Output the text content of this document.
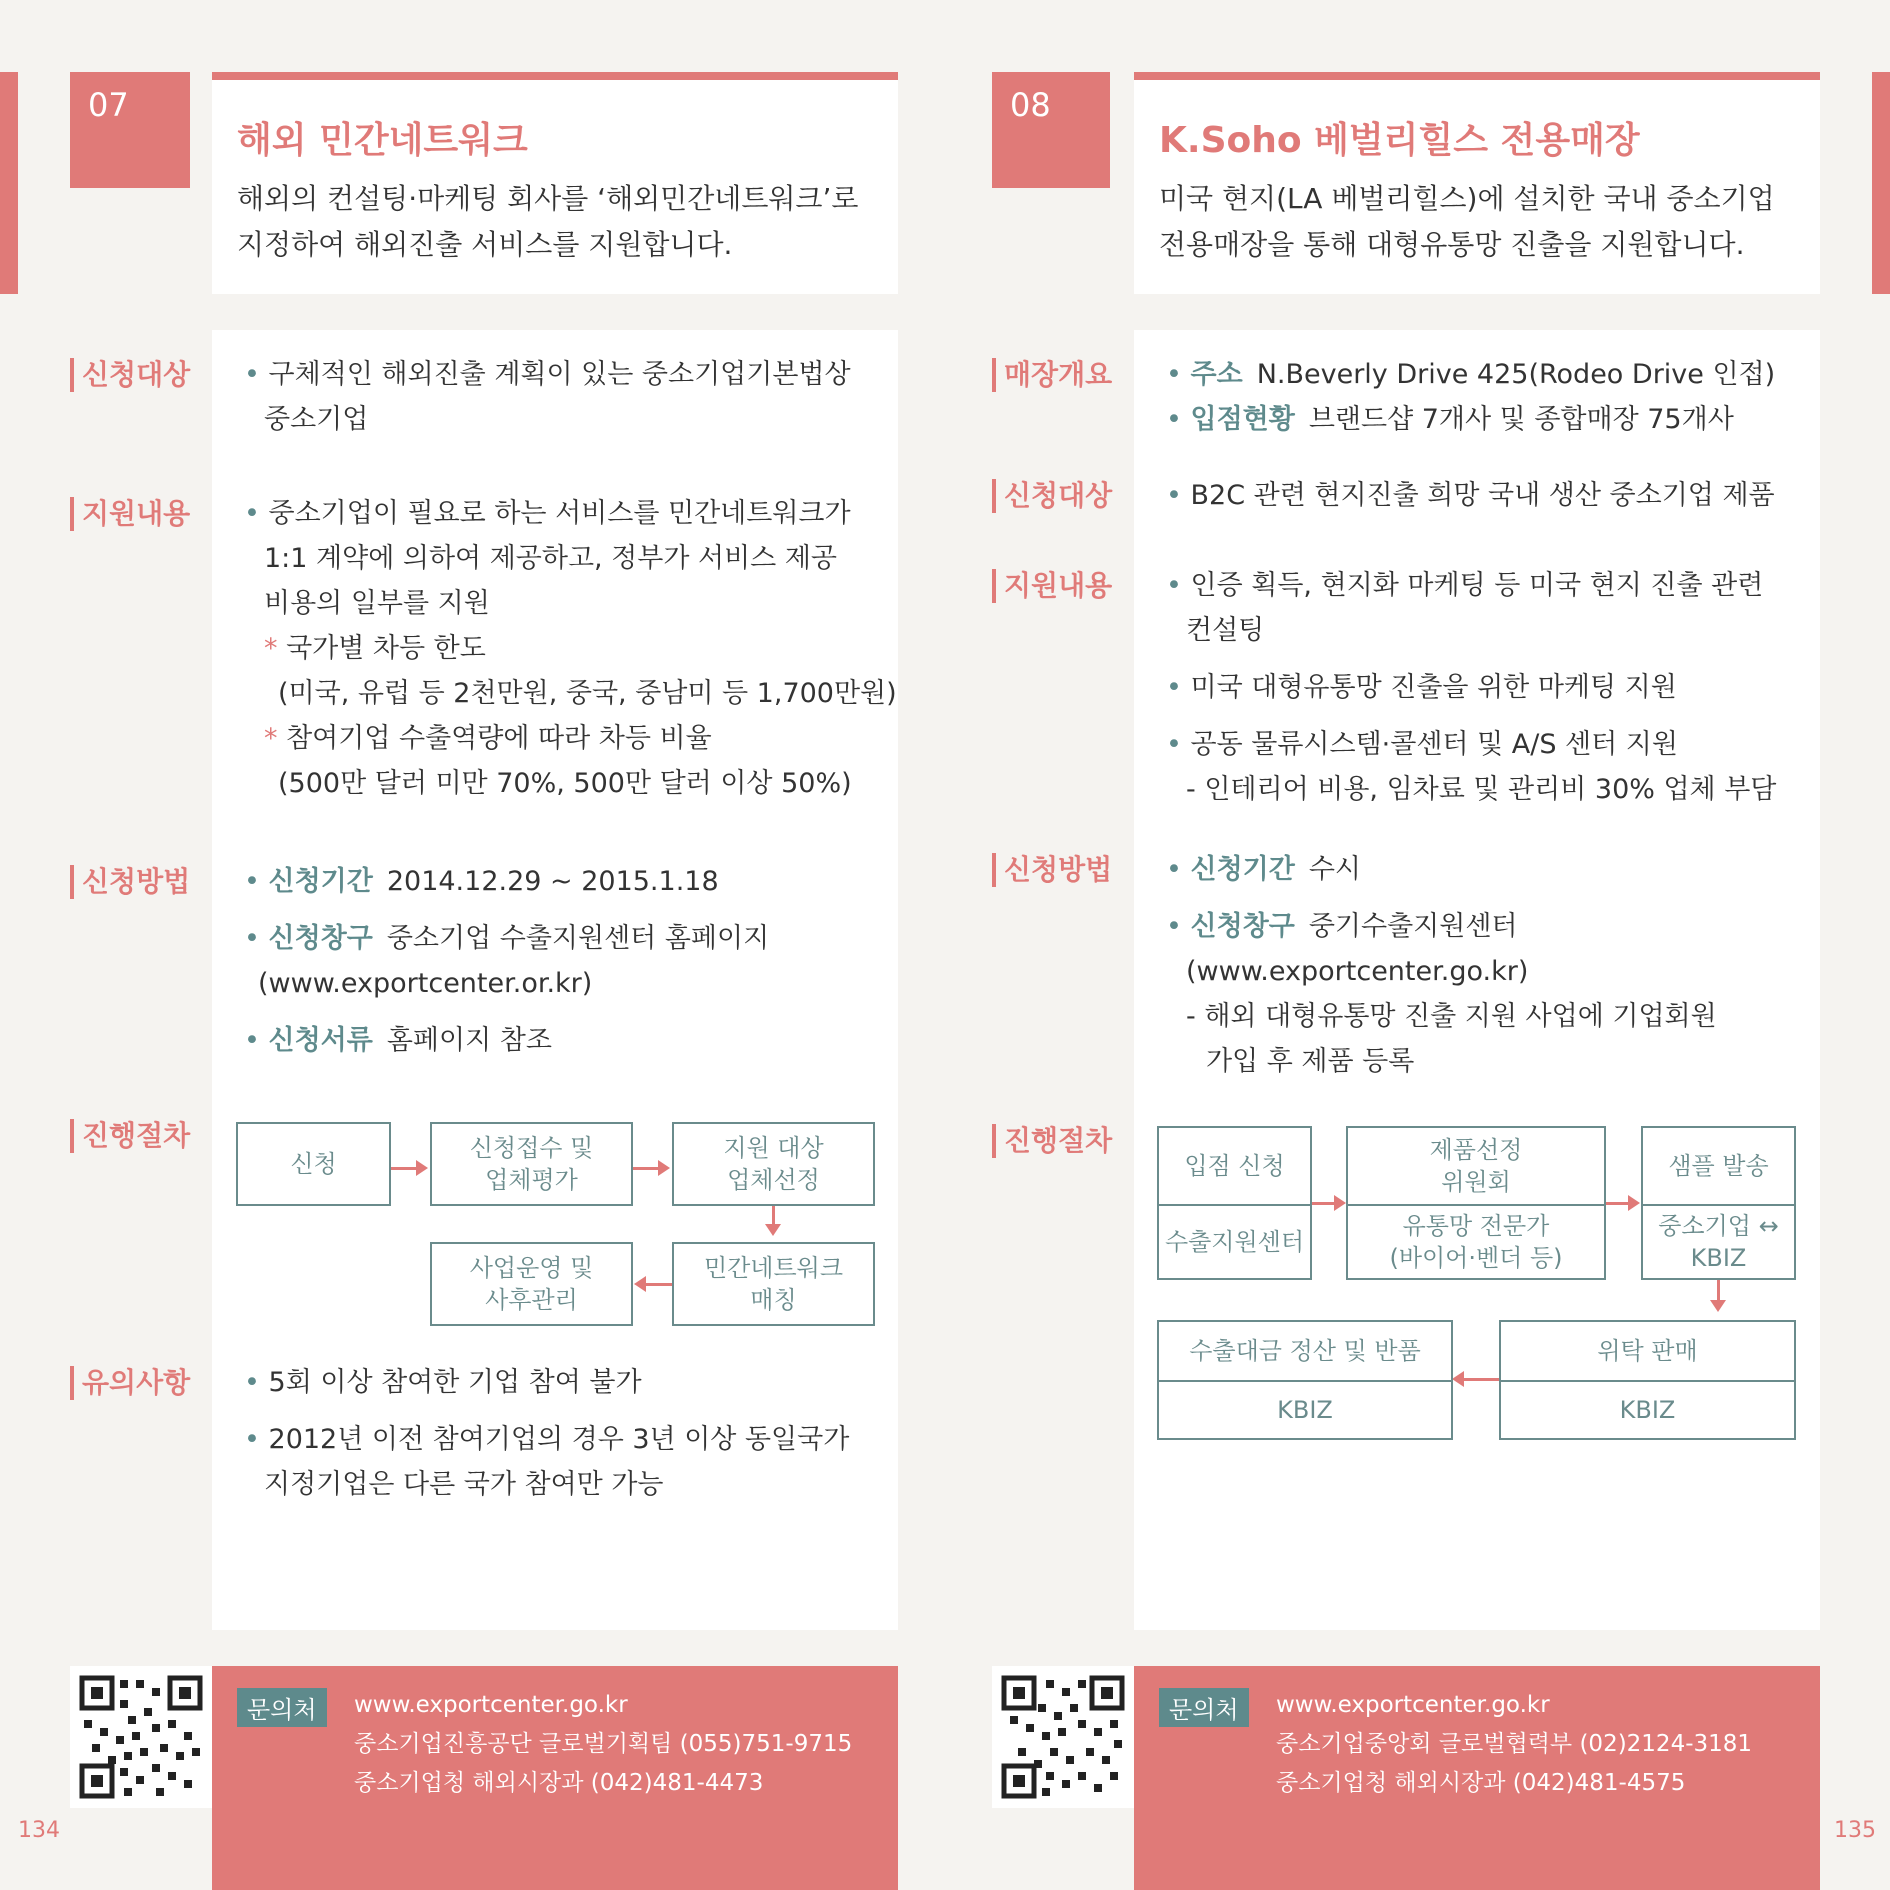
07
해외 민간네트워크
해외의 컨설팅·마케팅 회사를 ‘해외민간네트워크’로
지정하여 해외진출 서비스를 지원합니다.
신청대상 • 구체적인 해외진출 계획이 있는 중소기업기본법상
중소기업
지원내용 • 중소기업이 필요로 하는 서비스를 민간네트워크가
1:1 계약에 의하여 제공하고, 정부가 서비스 제공
비용의 일부를 지원
* 국가별 차등 한도
(미국, 유럽 등 2천만원, 중국, 중남미 등 1,700만원)
* 참여기업 수출역량에 따라 차등 비율
(500만 달러 미만 70%, 500만 달러 이상 50%)
신청방법 • 신청기간 2014.12.29 ~ 2015.1.18
• 신청창구 중소기업 수출지원센터 홈페이지
(www.exportcenter.or.kr)
• 신청서류 홈페이지 참조
진행절차
신청
신청접수 및
업체평가
지원 대상
업체선정
민간네트워크
매칭
사업운영 및
사후관리
유의사항 • 5회 이상 참여한 기업 참여 불가
• 2012년 이전 참여기업의 경우 3년 이상 동일국가
지정기업은 다른 국가 참여만 가능
문의처	www.exportcenter.go.kr
중소기업진흥공단 글로벌기획팀 (055)751-9715
중소기업청 해외시장과 (042)481-4473
134
08
K.Soho 베벌리힐스 전용매장
미국 현지(LA 베벌리힐스)에 설치한 국내 중소기업
전용매장을 통해 대형유통망 진출을 지원합니다.
매장개요 • 주소 N.Beverly Drive 425(Rodeo Drive 인접)
• 입점현황 브랜드샵 7개사 및 종합매장 75개사
신청대상 • B2C 관련 현지진출 희망 국내 생산 중소기업 제품
지원내용 • 인증 획득, 현지화 마케팅 등 미국 현지 진출 관련
컨설팅
• 미국 대형유통망 진출을 위한 마케팅 지원
• 공동 물류시스템·콜센터 및 A/S 센터 지원
- 인테리어 비용, 임차료 및 관리비 30% 업체 부담
신청방법 • 신청기간 수시
• 신청창구 중기수출지원센터
(www.exportcenter.go.kr)
- 해외 대형유통망 진출 지원 사업에 기업회원
가입 후 제품 등록
진행절차
입점 신청
수출지원센터
제품선정
위원회
유통망 전문가
(바이어·벤더 등)
샘플 발송
중소기업 ↔
KBIZ
위탁 판매
KBIZ
수출대금 정산 및 반품
KBIZ
문의처	www.exportcenter.go.kr
중소기업중앙회 글로벌협력부 (02)2124-3181
중소기업청 해외시장과 (042)481-4575
135
